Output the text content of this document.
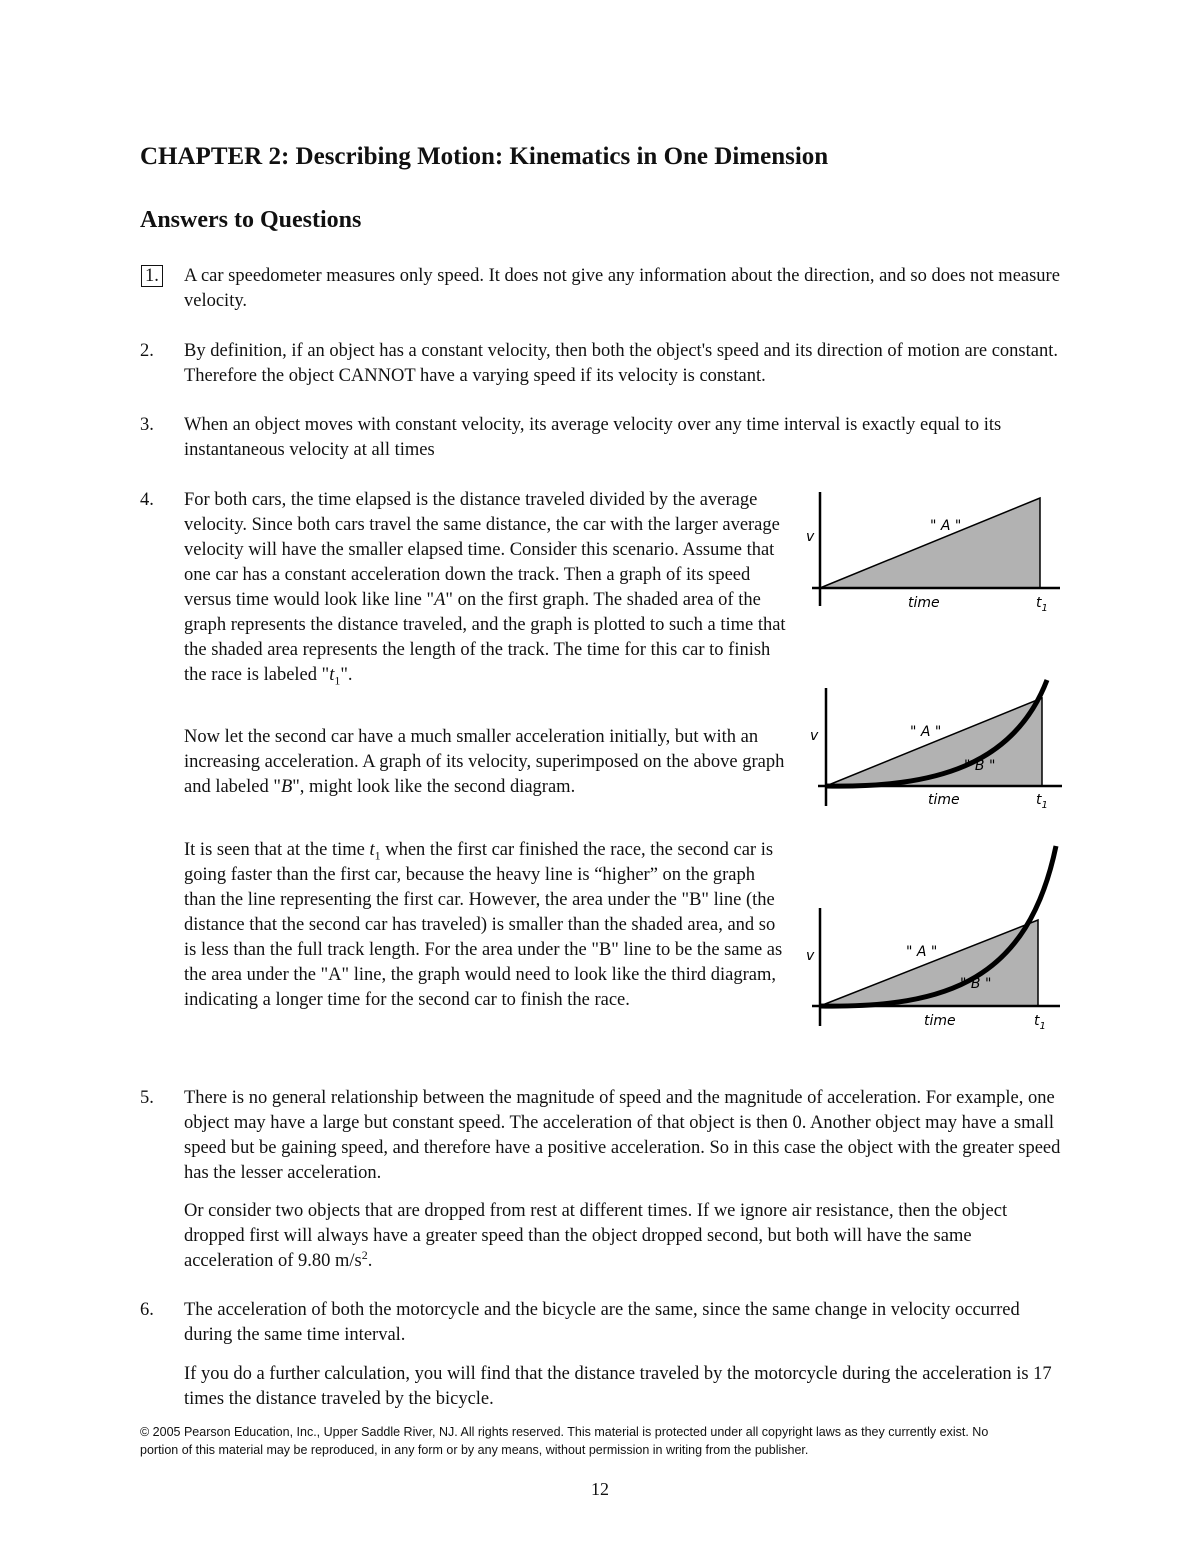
CHAPTER 2: Describing Motion: Kinematics in One Dimension
Answers to Questions
1. A car speedometer measures only speed. It does not give any information about the direction, and so does not measure velocity.
2. By definition, if an object has a constant velocity, then both the object's speed and its direction of motion are constant. Therefore the object CANNOT have a varying speed if its velocity is constant.
3. When an object moves with constant velocity, its average velocity over any time interval is exactly equal to its instantaneous velocity at all times
4. For both cars, the time elapsed is the distance traveled divided by the average velocity. Since both cars travel the same distance, the car with the larger average velocity will have the smaller elapsed time. Consider this scenario. Assume that one car has a constant acceleration down the track. Then a graph of its speed versus time would look like line "A" on the first graph. The shaded area of the graph represents the distance traveled, and the graph is plotted to such a time that the shaded area represents the length of the track. The time for this car to finish the race is labeled "$t_1$".
Now let the second car have a much smaller acceleration initially, but with an increasing acceleration. A graph of its velocity, superimposed on the above graph and labeled "B", might look like the second diagram.
It is seen that at the time $t_1$ when the first car finished the race, the second car is going faster than the first car, because the heavy line is “higher” on the graph than the line representing the first car. However, the area under the "B" line (the distance that the second car has traveled) is smaller than the shaded area, and so is less than the full track length. For the area under the "B" line to be the same as the area under the "A" line, the graph would need to look like the third diagram, indicating a longer time for the second car to finish the race.
v
" A "
time	$t_1$
v	" A "
" B "
time	$t_1$
v	" A "
" B "
time	$t_1$
5. There is no general relationship between the magnitude of speed and the magnitude of acceleration. For example, one object may have a large but constant speed. The acceleration of that object is then 0. Another object may have a small speed but be gaining speed, and therefore have a positive acceleration. So in this case the object with the greater speed has the lesser acceleration.
Or consider two objects that are dropped from rest at different times. If we ignore air resistance, then the object dropped first will always have a greater speed than the object dropped second, but both will have the same acceleration of 9.80 $m/s^2$.
6. The acceleration of both the motorcycle and the bicycle are the same, since the same change in velocity occurred during the same time interval.
If you do a further calculation, you will find that the distance traveled by the motorcycle during the acceleration is 17 times the distance traveled by the bicycle.
© 2005 Pearson Education, Inc., Upper Saddle River, NJ. All rights reserved. This material is protected under all copyright laws as they currently exist. No portion of this material may be reproduced, in any form or by any means, without permission in writing from the publisher.
12
